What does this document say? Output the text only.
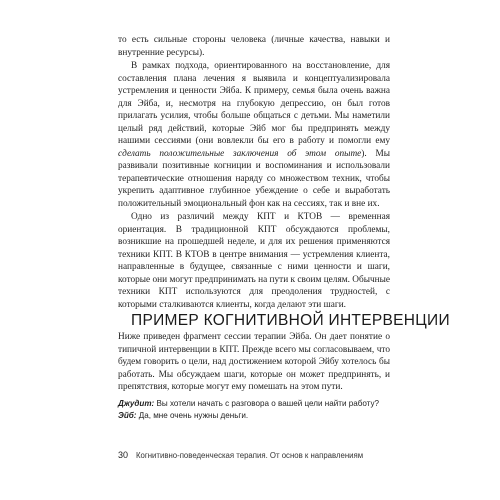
то есть сильные стороны человека (личные качества, навыки и внутренние ресурсы).

В рамках подхода, ориентированного на восстановление, для составления плана лечения я выявила и концептуализировала устремления и ценности Эйба. К примеру, семья была очень важна для Эйба, и, несмотря на глубокую депрессию, он был готов прилагать усилия, чтобы больше общаться с детьми. Мы наметили целый ряд действий, которые Эйб мог бы предпринять между нашими сессиями (они вовлекли бы его в работу и помогли ему сделать положительные заключения об этом опыте). Мы развивали позитивные когниции и воспоминания и использовали терапевтические отношения наряду со множеством техник, чтобы укрепить адаптивное глубинное убеждение о себе и выработать положительный эмоциональный фон как на сессиях, так и вне их.

Одно из различий между КПТ и КТОВ — временная ориентация. В традиционной КПТ обсуждаются проблемы, возникшие на прошедшей неделе, и для их решения применяются техники КПТ. В КТОВ в центре внимания — устремления клиента, направленные в будущее, связанные с ними ценности и шаги, которые они могут предпринимать на пути к своим целям. Обычные техники КПТ используются для преодоления трудностей, с которыми сталкиваются клиенты, когда делают эти шаги.

ПРИМЕР КОГНИТИВНОЙ ИНТЕРВЕНЦИИ

Ниже приведен фрагмент сессии терапии Эйба. Он дает понятие о типичной интервенции в КПТ. Прежде всего мы согласовываем, что будем говорить о цели, над достижением которой Эйбу хотелось бы работать. Мы обсуждаем шаги, которые он может предпринять, и препятствия, которые могут ему помешать на этом пути.

Джудит: Вы хотели начать с разговора о вашей цели найти работу?
Эйб: Да, мне очень нужны деньги.
30 Когнитивно-поведенческая терапия. От основ к направлениям
